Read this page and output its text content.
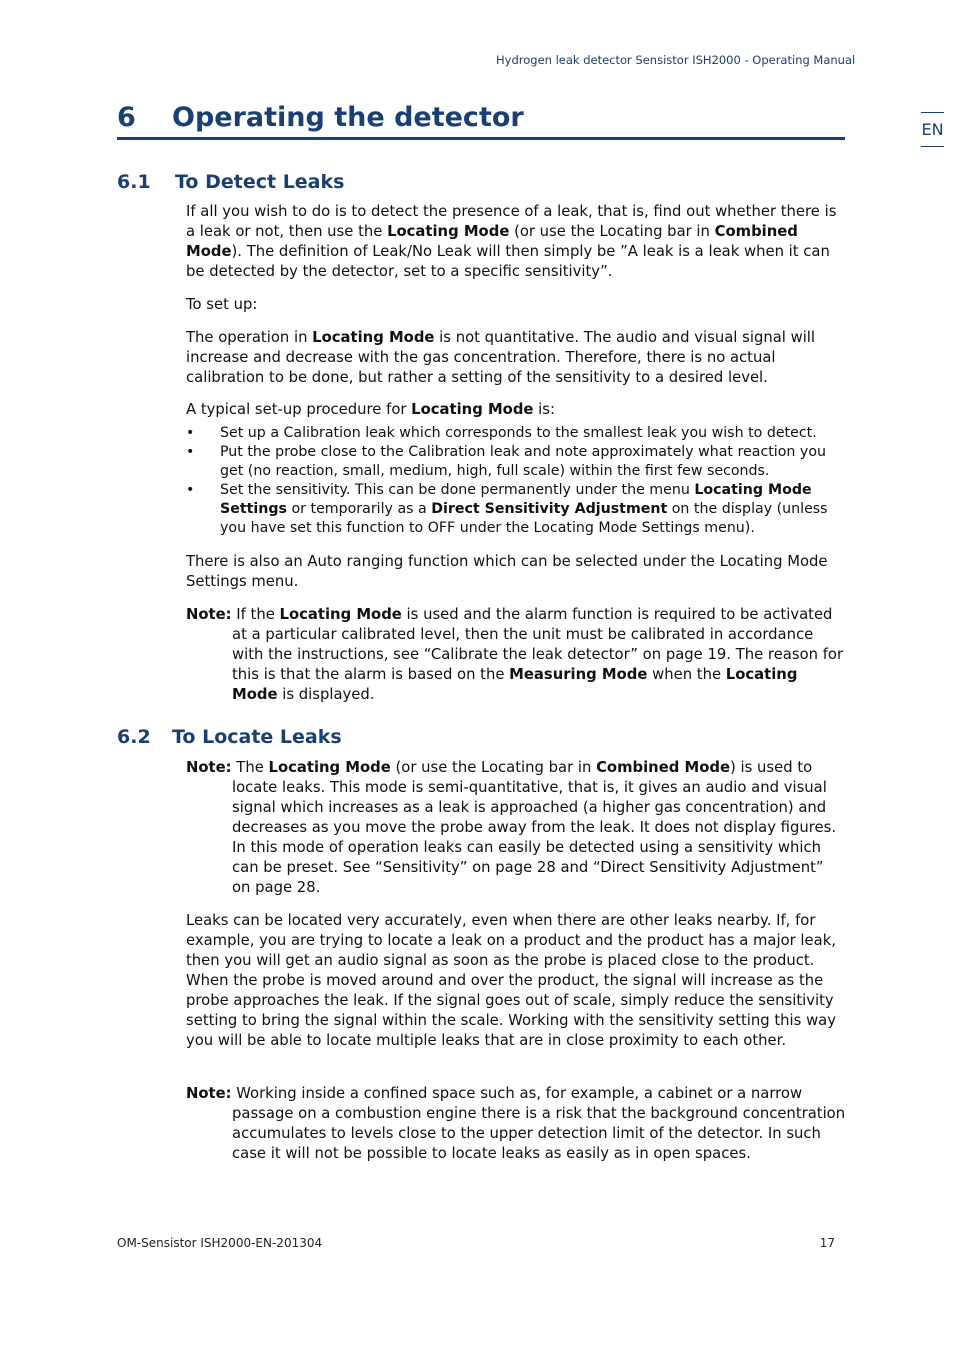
Hydrogen leak detector Sensistor ISH2000 - Operating Manual
EN
6 Operating the detector
6.1 To Detect Leaks

If all you wish to do is to detect the presence of a leak, that is, find out whether there is a leak or not, then use the Locating Mode (or use the Locating bar in Combined Mode). The definition of Leak/No Leak will then simply be ”A leak is a leak when it can be detected by the detector, set to a specific sensitivity”.

To set up:

The operation in Locating Mode is not quantitative. The audio and visual signal will increase and decrease with the gas concentration. Therefore, there is no actual calibration to be done, but rather a setting of the sensitivity to a desired level.

A typical set-up procedure for Locating Mode is:

• Set up a Calibration leak which corresponds to the smallest leak you wish to detect.
• Put the probe close to the Calibration leak and note approximately what reaction you get (no reaction, small, medium, high, full scale) within the first few seconds.
• Set the sensitivity. This can be done permanently under the menu Locating Mode Settings or temporarily as a Direct Sensitivity Adjustment on the display (unless you have set this function to OFF under the Locating Mode Settings menu).

There is also an Auto ranging function which can be selected under the Locating Mode Settings menu.

Note: If the Locating Mode is used and the alarm function is required to be activated at a particular calibrated level, then the unit must be calibrated in accordance with the instructions, see “Calibrate the leak detector” on page 19. The reason for this is that the alarm is based on the Measuring Mode when the Locating Mode is displayed.

6.2 To Locate Leaks

Note: The Locating Mode (or use the Locating bar in Combined Mode) is used to locate leaks. This mode is semi-quantitative, that is, it gives an audio and visual signal which increases as a leak is approached (a higher gas concentration) and decreases as you move the probe away from the leak. It does not display figures. In this mode of operation leaks can easily be detected using a sensitivity which can be preset. See “Sensitivity” on page 28 and “Direct Sensitivity Adjustment” on page 28.

Leaks can be located very accurately, even when there are other leaks nearby. If, for example, you are trying to locate a leak on a product and the product has a major leak, then you will get an audio signal as soon as the probe is placed close to the product. When the probe is moved around and over the product, the signal will increase as the probe approaches the leak. If the signal goes out of scale, simply reduce the sensitivity setting to bring the signal within the scale. Working with the sensitivity setting this way you will be able to locate multiple leaks that are in close proximity to each other.

Note: Working inside a confined space such as, for example, a cabinet or a narrow passage on a combustion engine there is a risk that the background concentration accumulates to levels close to the upper detection limit of the detector. In such case it will not be possible to locate leaks as easily as in open spaces.

OM-Sensistor ISH2000-EN-201304	17
